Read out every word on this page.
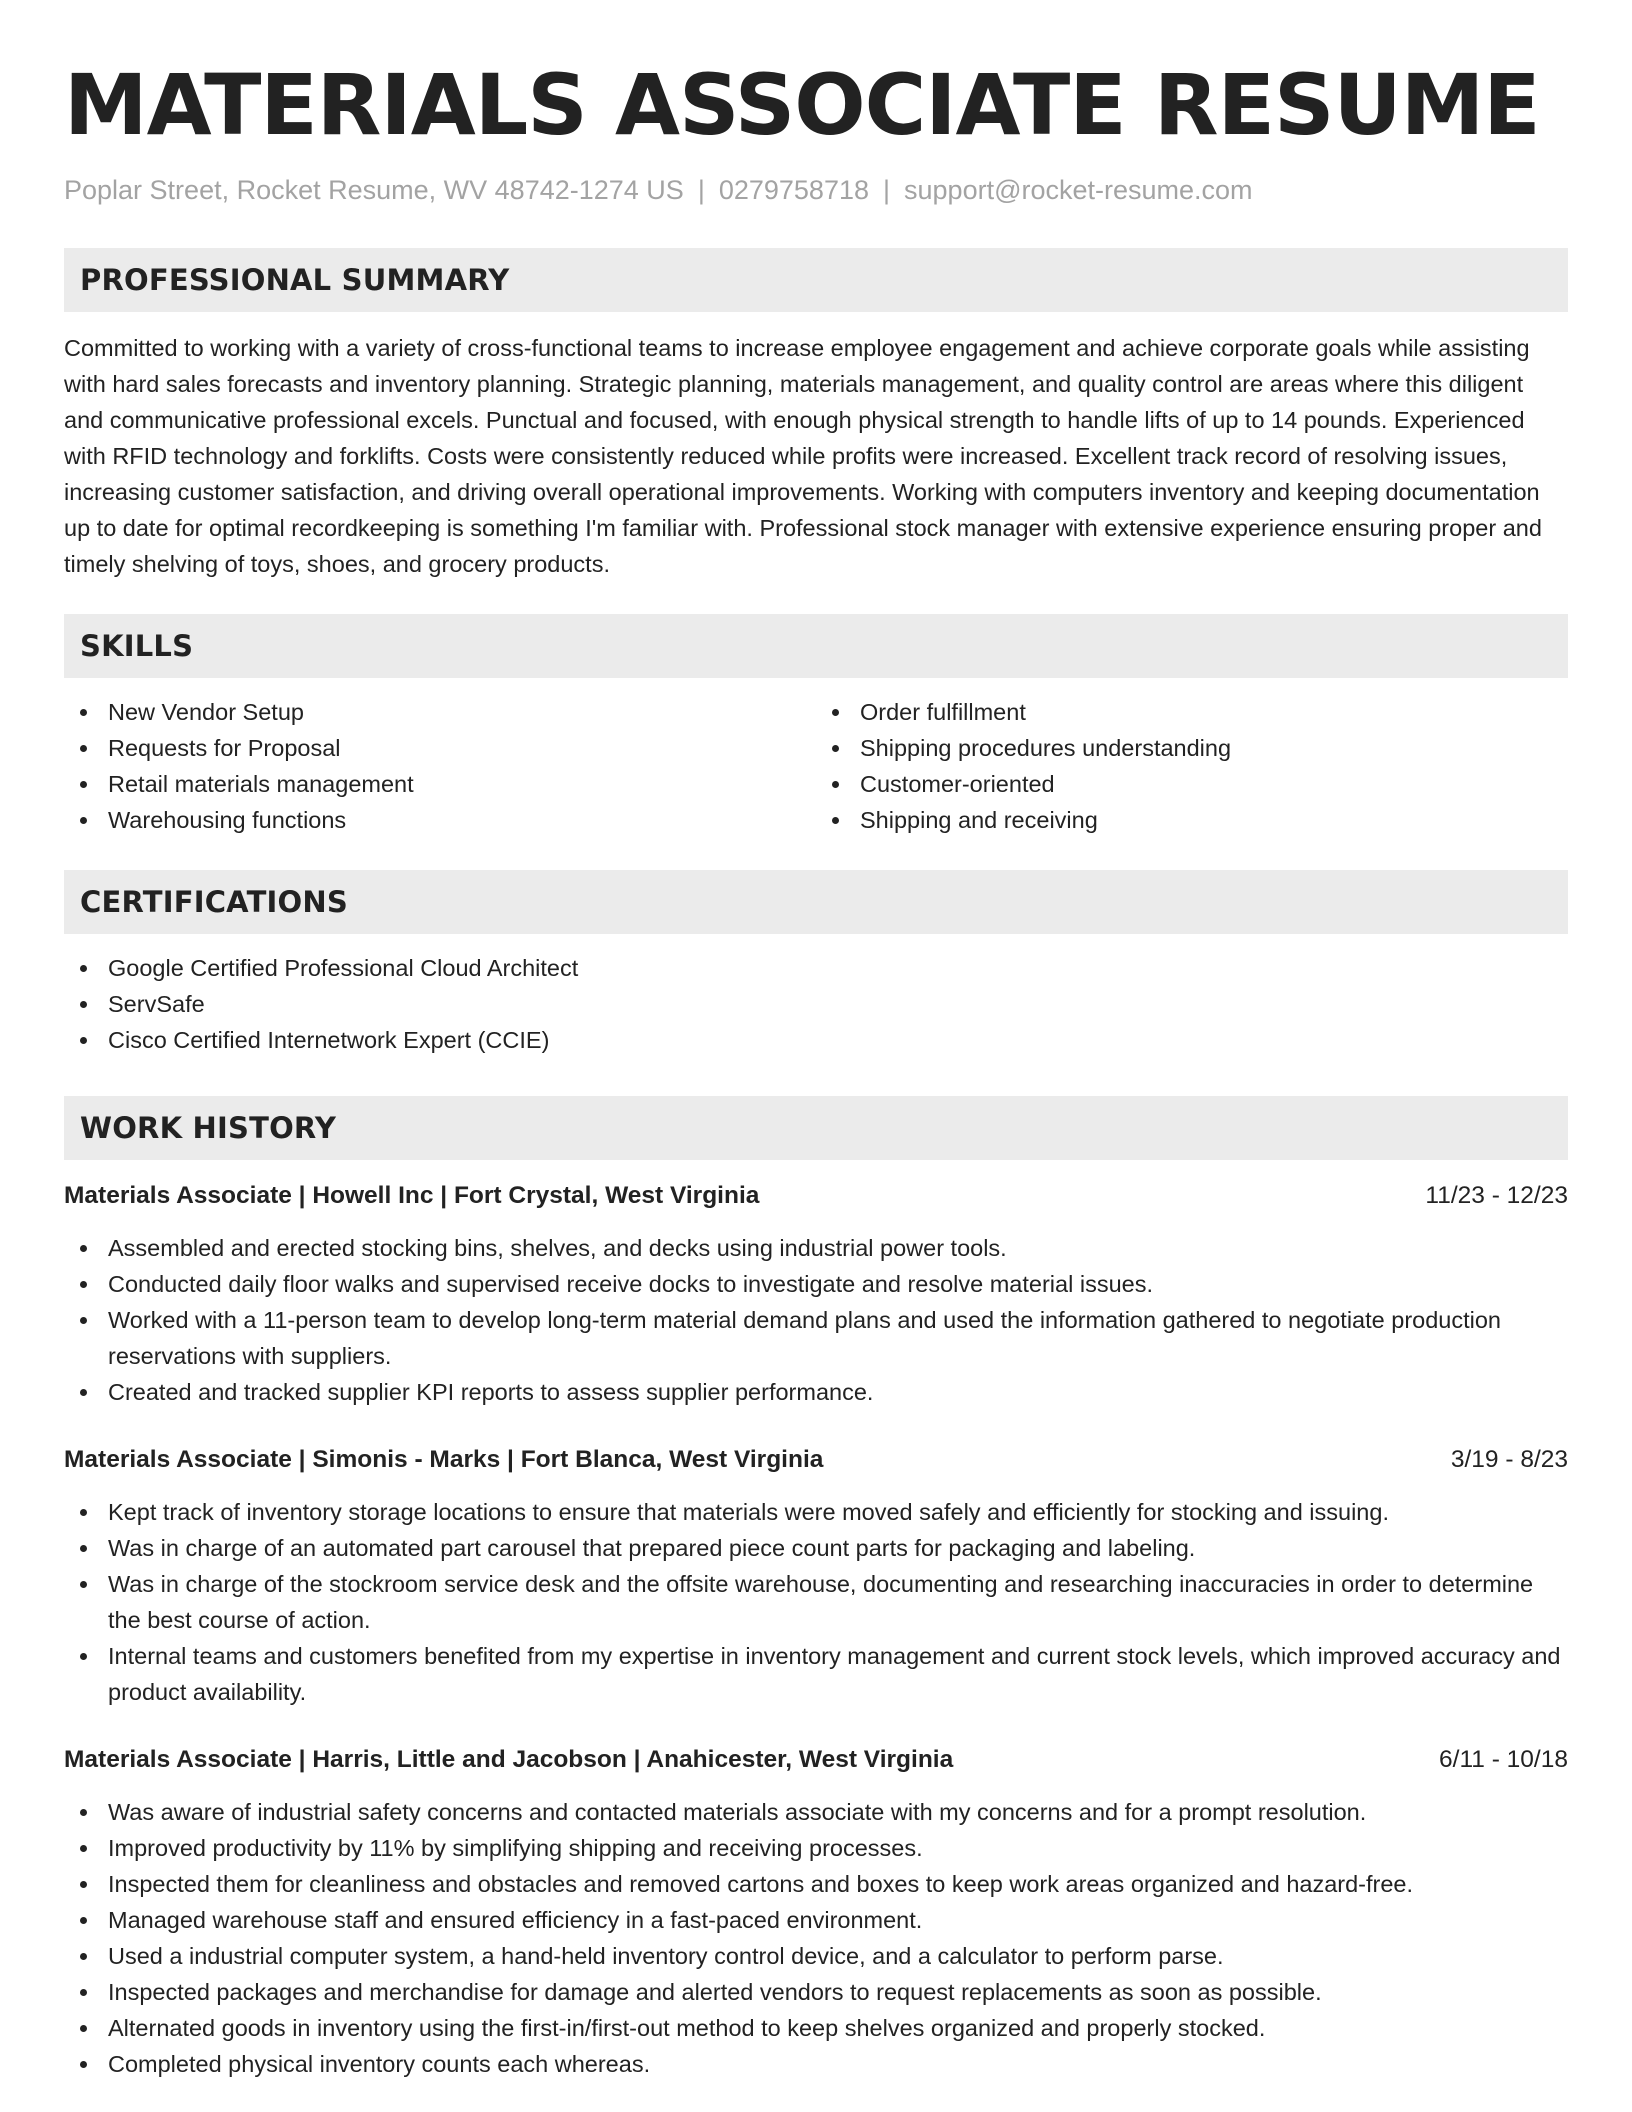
MATERIALS ASSOCIATE RESUME
Poplar Street, Rocket Resume, WV 48742-1274 US | 0279758718 | support@rocket-resume.com
PROFESSIONAL SUMMARY
Committed to working with a variety of cross-functional teams to increase employee engagement and achieve corporate goals while assisting with hard sales forecasts and inventory planning. Strategic planning, materials management, and quality control are areas where this diligent and communicative professional excels. Punctual and focused, with enough physical strength to handle lifts of up to 14 pounds. Experienced with RFID technology and forklifts. Costs were consistently reduced while profits were increased. Excellent track record of resolving issues, increasing customer satisfaction, and driving overall operational improvements. Working with computers inventory and keeping documentation up to date for optimal recordkeeping is something I'm familiar with. Professional stock manager with extensive experience ensuring proper and timely shelving of toys, shoes, and grocery products.
SKILLS
New Vendor Setup
Requests for Proposal
Retail materials management
Warehousing functions
Order fulfillment
Shipping procedures understanding
Customer-oriented
Shipping and receiving
CERTIFICATIONS
Google Certified Professional Cloud Architect
ServSafe
Cisco Certified Internetwork Expert (CCIE)
WORK HISTORY
Materials Associate | Howell Inc | Fort Crystal, West Virginia	11/23 - 12/23
Assembled and erected stocking bins, shelves, and decks using industrial power tools.
Conducted daily floor walks and supervised receive docks to investigate and resolve material issues.
Worked with a 11-person team to develop long-term material demand plans and used the information gathered to negotiate production reservations with suppliers.
Created and tracked supplier KPI reports to assess supplier performance.
Materials Associate | Simonis - Marks | Fort Blanca, West Virginia	3/19 - 8/23
Kept track of inventory storage locations to ensure that materials were moved safely and efficiently for stocking and issuing.
Was in charge of an automated part carousel that prepared piece count parts for packaging and labeling.
Was in charge of the stockroom service desk and the offsite warehouse, documenting and researching inaccuracies in order to determine the best course of action.
Internal teams and customers benefited from my expertise in inventory management and current stock levels, which improved accuracy and product availability.
Materials Associate | Harris, Little and Jacobson | Anahicester, West Virginia	6/11 - 10/18
Was aware of industrial safety concerns and contacted materials associate with my concerns and for a prompt resolution.
Improved productivity by 11% by simplifying shipping and receiving processes.
Inspected them for cleanliness and obstacles and removed cartons and boxes to keep work areas organized and hazard-free.
Managed warehouse staff and ensured efficiency in a fast-paced environment.
Used a industrial computer system, a hand-held inventory control device, and a calculator to perform parse.
Inspected packages and merchandise for damage and alerted vendors to request replacements as soon as possible.
Alternated goods in inventory using the first-in/first-out method to keep shelves organized and properly stocked.
Completed physical inventory counts each whereas.
